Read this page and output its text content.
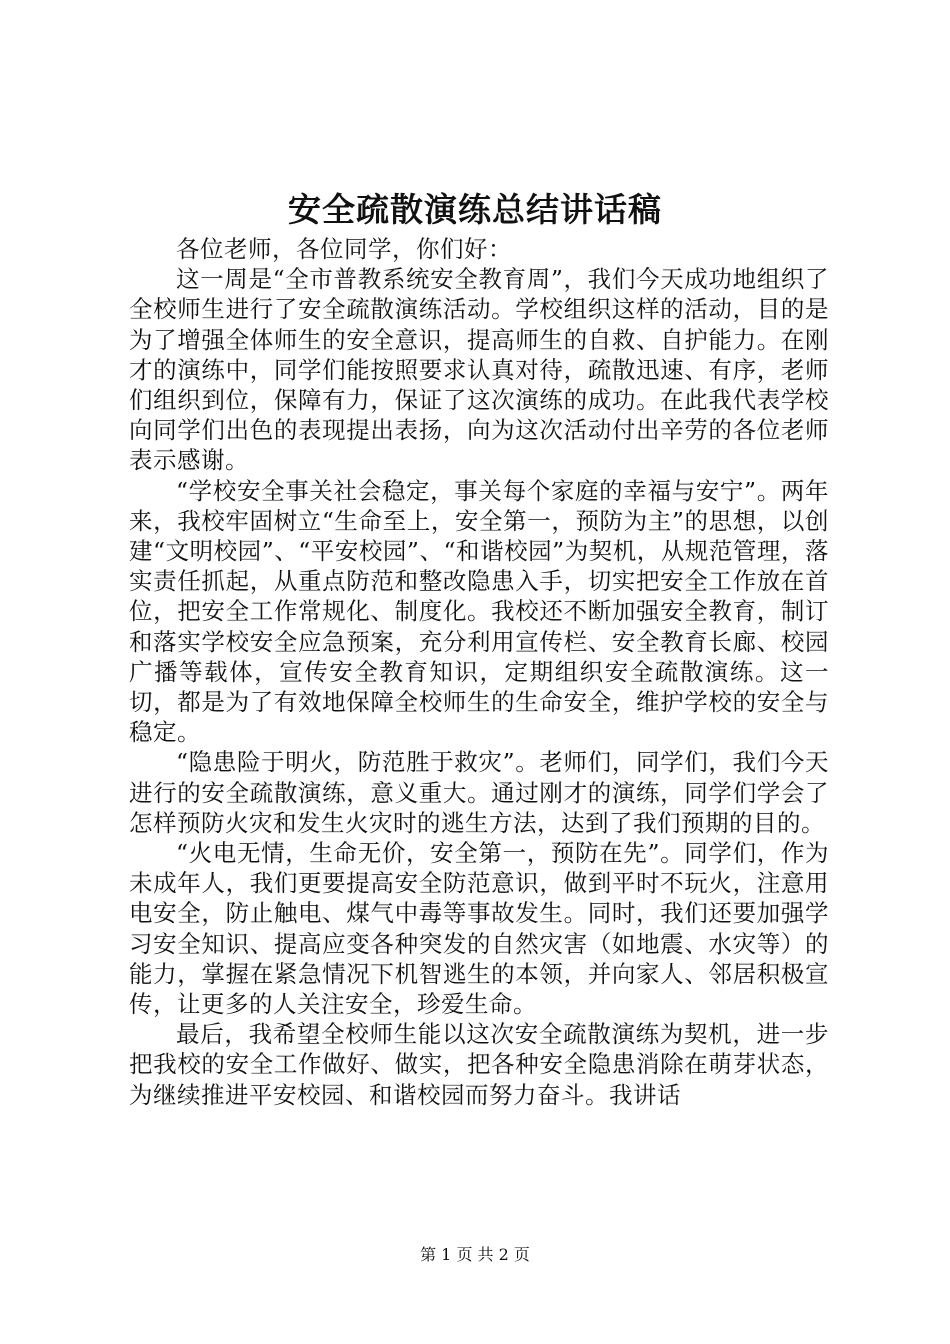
安全疏散演练总结讲话稿

各位老师，各位同学，你们好：

这一周是“全市普教系统安全教育周”，我们今天成功地组织了全校师生进行了安全疏散演练活动。学校组织这样的活动，目的是为了增强全体师生的安全意识，提高师生的自救、自护能力。在刚才的演练中，同学们能按照要求认真对待，疏散迅速、有序，老师们组织到位，保障有力，保证了这次演练的成功。在此我代表学校向同学们出色的表现提出表扬，向为这次活动付出辛劳的各位老师表示感谢。

“学校安全事关社会稳定，事关每个家庭的幸福与安宁”。两年来，我校牢固树立“生命至上，安全第一，预防为主”的思想，以创建“文明校园”、“平安校园”、“和谐校园”为契机，从规范管理，落实责任抓起，从重点防范和整改隐患入手，切实把安全工作放在首位，把安全工作常规化、制度化。我校还不断加强安全教育，制订和落实学校安全应急预案，充分利用宣传栏、安全教育长廊、校园广播等载体，宣传安全教育知识，定期组织安全疏散演练。这一切，都是为了有效地保障全校师生的生命安全，维护学校的安全与稳定。

“隐患险于明火，防范胜于救灾”。老师们，同学们，我们今天进行的安全疏散演练，意义重大。通过刚才的演练，同学们学会了怎样预防火灾和发生火灾时的逃生方法，达到了我们预期的目的。

“火电无情，生命无价，安全第一，预防在先”。同学们，作为未成年人，我们更要提高安全防范意识，做到平时不玩火，注意用电安全，防止触电、煤气中毒等事故发生。同时，我们还要加强学习安全知识、提高应变各种突发的自然灾害（如地震、水灾等）的能力，掌握在紧急情况下机智逃生的本领，并向家人、邻居积极宣传，让更多的人关注安全，珍爱生命。

最后，我希望全校师生能以这次安全疏散演练为契机，进一步把我校的安全工作做好、做实，把各种安全隐患消除在萌芽状态，为继续推进平安校园、和谐校园而努力奋斗。我讲话

第 1 页 共 2 页
